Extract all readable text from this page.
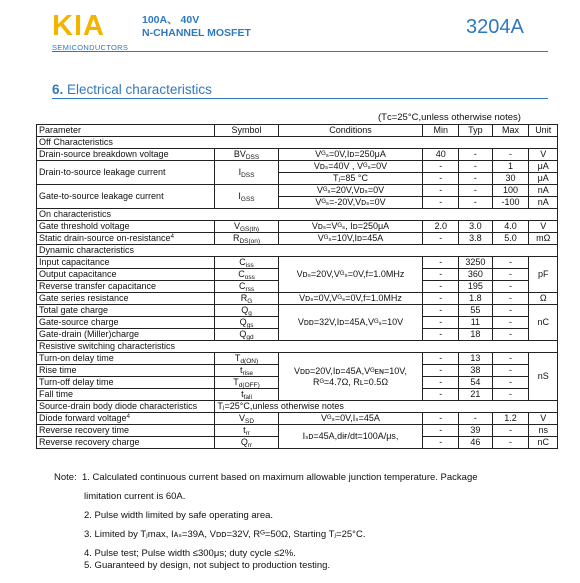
KIA
SEMICONDUCTORS
100A、 40V
N-CHANNEL MOSFET	3204A
6. Electrical characteristics
(Tᴄ=25°C,unless otherwise notes)
Parameter	Symbol	Conditions	Min	Typ	Max	Unit
Off Characteristics						
Drain-source breakdown voltage	$BV_{DSS}$	Vᴳₛ=0V,Iᴅ=250μA	40	-	-	V
Drain-to-source leakage current	$I_{DSS}$	Vᴅₛ=40V , Vᴳₛ=0V	-	-	1	μA
		Tⱼ=85 °C	-	-	30	μA
Gate-to-source leakage current	$I_{GSS}$	Vᴳₛ=20V,Vᴅₛ=0V	-	-	100	nA
		Vᴳₛ=-20V,Vᴅₛ=0V	-	-	-100	nA
On characteristics						
Gate threshold voltage	$V_{GS(th)}$	Vᴅₛ=Vᴳₛ, Iᴅ=250μA	2.0	3.0	4.0	V
Static drain-source on-resistance$^4$	$R_{DS(on)}$	Vᴳₛ=10V,Iᴅ=45A	-	3.8	5.0	mΩ
Dynamic characteristics						
Input capacitance	$C_{iss}$	Vᴅₛ=20V,Vᴳₛ=0V,f=1.0MHz	-	3250	-	pF
Output capacitance	$C_{oss}$		-	360	-	
Reverse transfer capacitance	$C_{rss}$		-	195	-	
Gate series resistance	$R_G$	Vᴅₛ=0V,Vᴳₛ=0V,f=1.0MHz	-	1.8	-	Ω
Total gate charge	$Q_g$	Vᴅᴅ=32V,Iᴅ=45A,Vᴳₛ=10V	-	55	-	nC
Gate-source charge	$Q_{gs}$		-	11	-	
Gate-drain (Miller)charge	$Q_{gd}$		-	18	-	
Resistive switching characteristics						
Turn-on delay time	$T_{d(ON)}$	Vᴅᴅ=20V,Iᴅ=45A,Vᴳᴇɴ=10V,
Rᴳ=4.7Ω, Rʟ=0.5Ω	-	13	-	nS
Rise time	$t_{rise}$		-	38	-	
Turn-off delay time	$T_{d(OFF)}$		-	54	-	
Fall time	$t_{fall}$		-	21	-	
Source-drain body diode characteristics	Tⱼ=25°C,unless otherwise notes					
Diode forward voltage$^4$	$V_{SD}$	Vᴳₛ=0V,Iₛ=45A	-	-	1.2	V
Reverse recovery time	$t_{rr}$	Iₛᴅ=45A,diғ/dt=100A/μs,	-	39	-	ns
Reverse recovery charge	$Q_{rr}$		-	46	-	nC
Note: 1. Calculated continuous current based on maximum allowable junction temperature. Package
limitation current is 60A.
2. Pulse width limited by safe operating area.
3. Limited by Tⱼmax, Iᴀₛ=39A, Vᴅᴅ=32V, Rᴳ=50Ω, Starting Tⱼ=25°C.
4. Pulse test; Pulse width ≤300μs; duty cycle ≤2%.
5. Guaranteed by design, not subject to production testing.
